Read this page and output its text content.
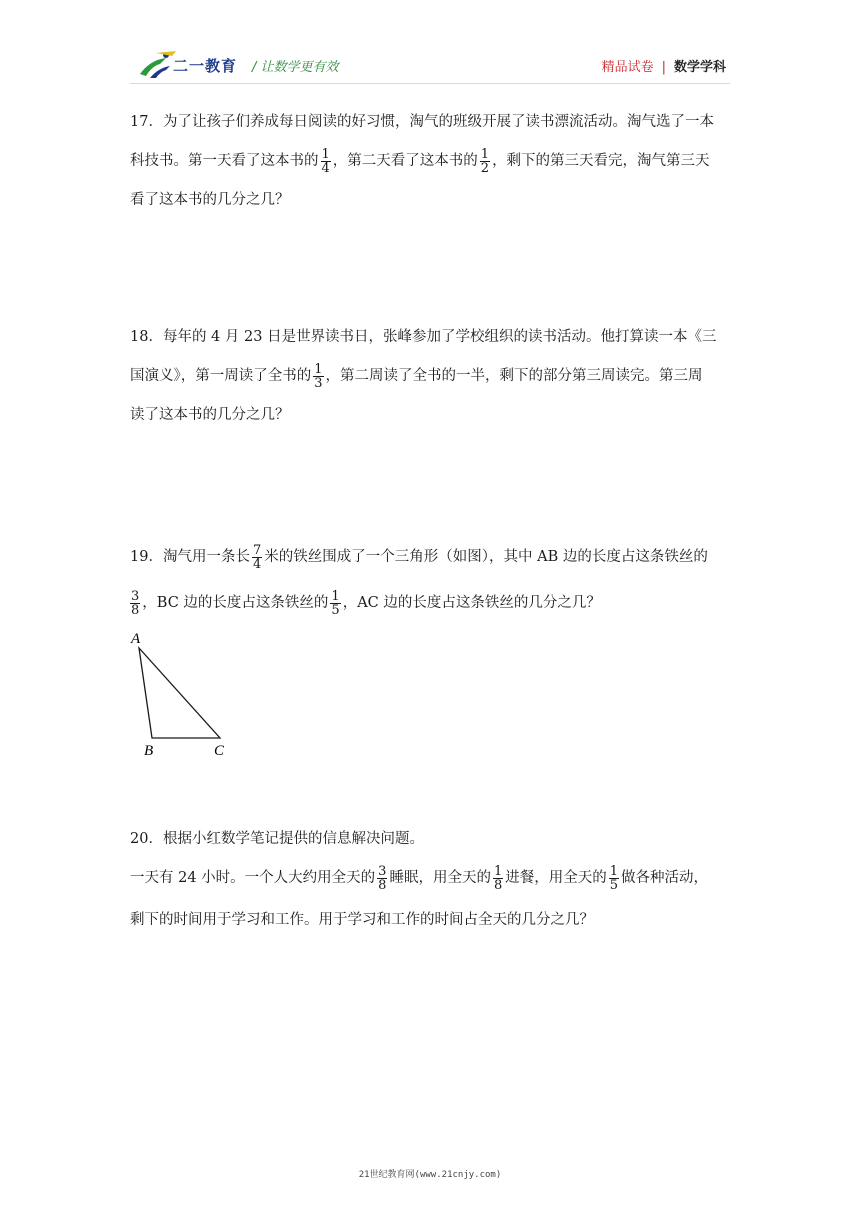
二一教育 / 让数学更有效	精品试卷 | 数学学科

17．为了让孩子们养成每日阅读的好习惯，淘气的班级开展了读书漂流活动。淘气选了一本

科技书。第一天看了这本书的 $\frac{1}{4}$ ，第二天看了这本书的 $\frac{1}{2}$ ，剩下的第三天看完，淘气第三天

看了这本书的几分之几？

18．每年的 4 月 23 日是世界读书日，张峰参加了学校组织的读书活动。他打算读一本《三

国演义》，第一周读了全书的 $\frac{1}{3}$ ，第二周读了全书的一半，剩下的部分第三周读完。第三周

读了这本书的几分之几？

19．淘气用一条长 $\frac{7}{4}$ 米的铁丝围成了一个三角形（如图），其中 AB 边的长度占这条铁丝的

$\frac{3}{8}$ ，BC 边的长度占这条铁丝的 $\frac{1}{5}$ ，AC 边的长度占这条铁丝的几分之几？

A
B	C

20．根据小红数学笔记提供的信息解决问题。

一天有 24 小时。一个人大约用全天的 $\frac{3}{8}$ 睡眠，用全天的 $\frac{1}{8}$ 进餐，用全天的 $\frac{1}{5}$ 做各种活动，

剩下的时间用于学习和工作。用于学习和工作的时间占全天的几分之几？

21世纪教育网(www.21cnjy.com)
